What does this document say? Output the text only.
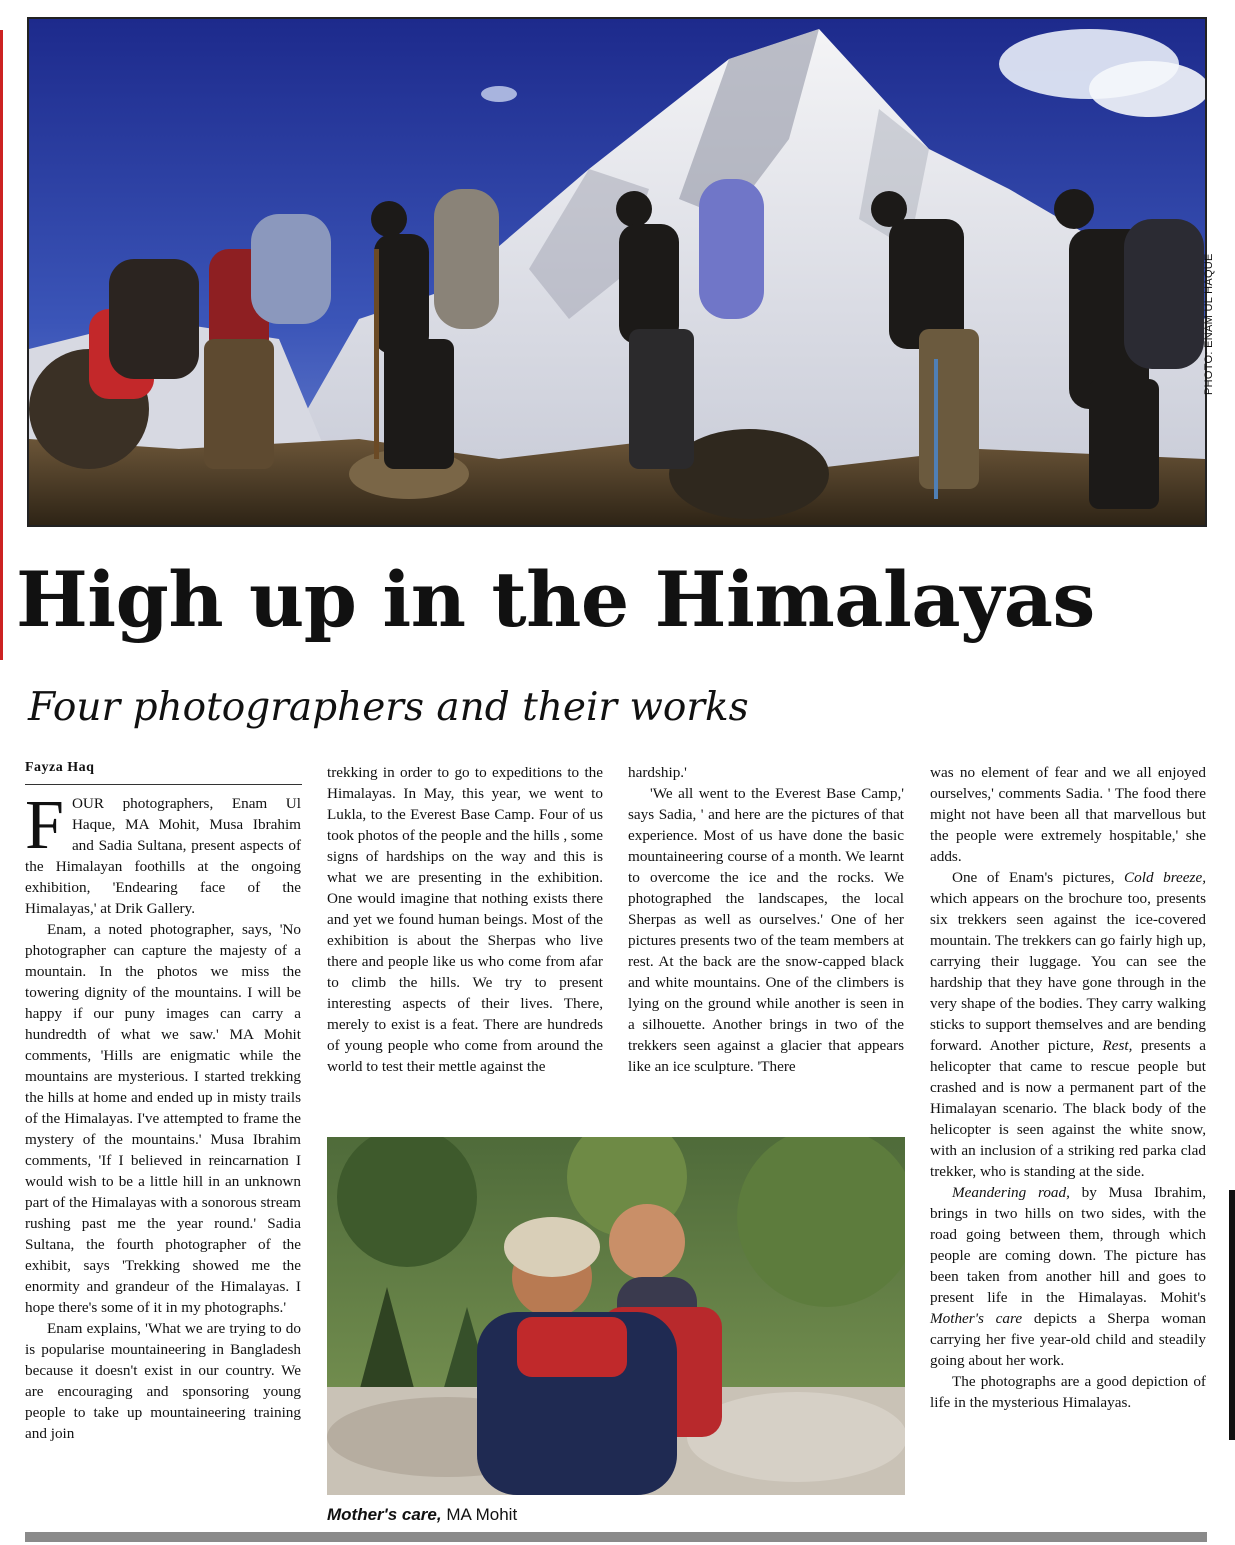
PHOTO: ENAM UL HAQUE
High up in the Himalayas
Four photographers and their works
Fayza Haq

FOUR photographers, Enam Ul Haque, MA Mohit, Musa Ibrahim and Sadia Sultana, present aspects of the Himalayan foothills at the ongoing exhibition, 'Endearing face of the Himalayas,' at Drik Gallery.

Enam, a noted photographer, says, 'No photographer can capture the majesty of a mountain. In the photos we miss the towering dignity of the mountains. I will be happy if our puny images can carry a hundredth of what we saw.' MA Mohit comments, 'Hills are enigmatic while the mountains are mysterious. I started trekking the hills at home and ended up in misty trails of the Himalayas. I've attempted to frame the mystery of the mountains.' Musa Ibrahim comments, 'If I believed in reincarnation I would wish to be a little hill in an unknown part of the Himalayas with a sonorous stream rushing past me the year round.' Sadia Sultana, the fourth photographer of the exhibit, says 'Trekking showed me the enormity and grandeur of the Himalayas. I hope there's some of it in my photographs.'

Enam explains, 'What we are trying to do is popularise mountaineering in Bangladesh because it doesn't exist in our country. We are encouraging and sponsoring young people to take up mountaineering training and join

trekking in order to go to expeditions to the Himalayas. In May, this year, we went to Lukla, to the Everest Base Camp. Four of us took photos of the people and the hills , some signs of hardships on the way and this is what we are presenting in the exhibition. One would imagine that nothing exists there and yet we found human beings. Most of the exhibition is about the Sherpas who live there and people like us who come from afar to climb the hills. We try to present interesting aspects of their lives. There, merely to exist is a feat. There are hundreds of young people who come from around the world to test their mettle against the

hardship.'

'We all went to the Everest Base Camp,' says Sadia, ' and here are the pictures of that experience. Most of us have done the basic mountaineering course of a month. We learnt to overcome the ice and the rocks. We photographed the landscapes, the local Sherpas as well as ourselves.' One of her pictures presents two of the team members at rest. At the back are the snow-capped black and white mountains. One of the climbers is lying on the ground while another is seen in a silhouette. Another brings in two of the trekkers seen against a glacier that appears like an ice sculpture. 'There

was no element of fear and we all enjoyed ourselves,' comments Sadia. ' The food there might not have been all that marvellous but the people were extremely hospitable,' she adds.

One of Enam's pictures, Cold breeze, which appears on the brochure too, presents six trekkers seen against the ice-covered mountain. The trekkers can go fairly high up, carrying their luggage. You can see the hardship that they have gone through in the very shape of the bodies. They carry walking sticks to support themselves and are bending forward. Another picture, Rest, presents a helicopter that came to rescue people but crashed and is now a permanent part of the Himalayan scenario. The black body of the helicopter is seen against the white snow, with an inclusion of a striking red parka clad trekker, who is standing at the side.

Meandering road, by Musa Ibrahim, brings in two hills on two sides, with the road going between them, through which people are coming down. The picture has been taken from another hill and goes to present life in the Himalayas. Mohit's Mother's care depicts a Sherpa woman carrying her five year-old child and steadily going about her work.

The photographs are a good depiction of life in the mysterious Himalayas.

Mother's care, MA Mohit
